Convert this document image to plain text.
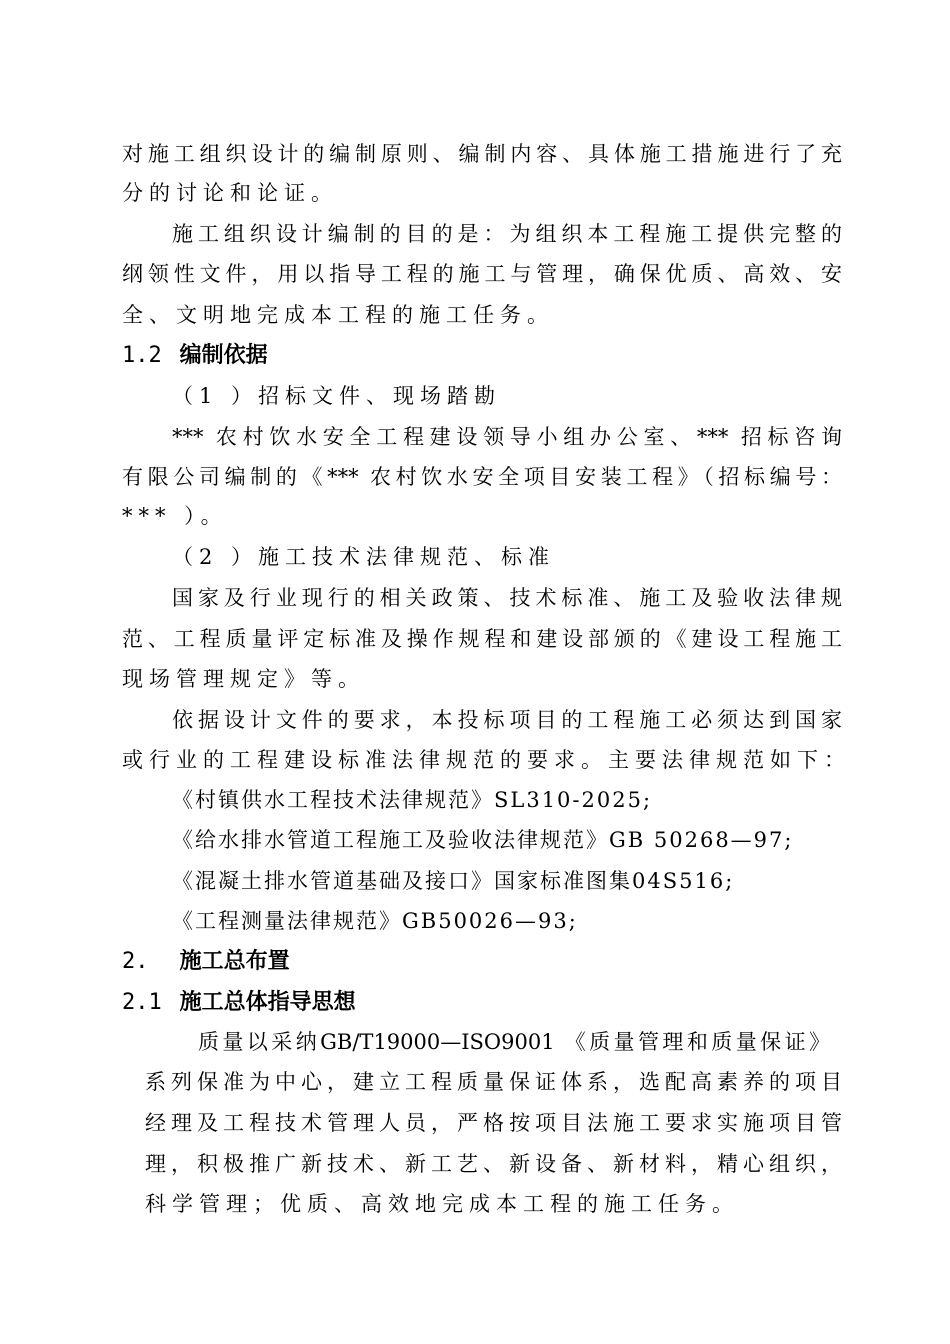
对施工组织设计的编制原则、编制内容、具体施工措施进行了充
分的讨论和论证。
施工组织设计编制的目的是：为组织本工程施工提供完整的
纲领性文件，用以指导工程的施工与管理，确保优质、高效、安
全、文明地完成本工程的施工任务。
1.2 编制依据
（1 ）招标文件、现场踏勘
*** 农村饮水安全工程建设领导小组办公室、*** 招标咨询
有限公司编制的《*** 农村饮水安全项目安装工程》（招标编号：
*** ）。
（2 ）施工技术法律规范、标准
国家及行业现行的相关政策、技术标准、施工及验收法律规
范、工程质量评定标准及操作规程和建设部颁的《建设工程施工
现场管理规定》等。
依据设计文件的要求，本投标项目的工程施工必须达到国家
或行业的工程建设标准法律规范的要求。主要法律规范如下：
《村镇供水工程技术法律规范》SL310-2025;
《给水排水管道工程施工及验收法律规范》GB 50268—97;
《混凝土排水管道基础及接口》国家标准图集04S516;
《工程测量法律规范》GB50026—93;
2. 施工总布置
2.1 施工总体指导思想
质量以采纳GB/T19000—ISO9001 《质量管理和质量保证》
系列保准为中心，建立工程质量保证体系，选配高素养的项目
经理及工程技术管理人员，严格按项目法施工要求实施项目管
理，积极推广新技术、新工艺、新设备、新材料，精心组织，
科学管理；优质、高效地完成本工程的施工任务。
